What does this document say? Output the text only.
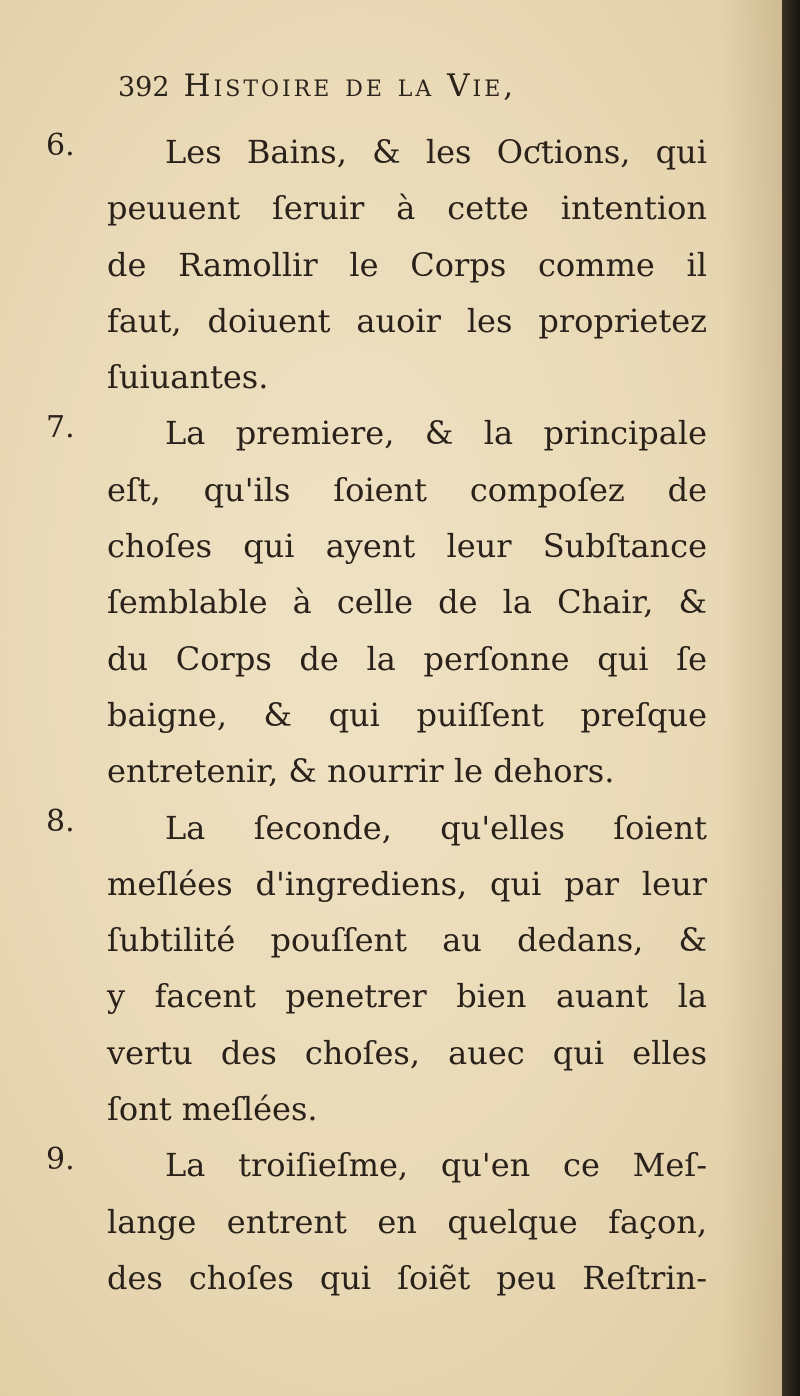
392 Histoire de la Vie,
6.
7.
8.
9.
Les Bains, & les Oƈtions, qui
peuuent ſeruir à cette intention
de Ramollir le Corps comme il
faut, doiuent auoir les proprietez
ſuiuantes.
La premiere, & la principale
eſt, qu'ils ſoient compoſez de
choſes qui ayent leur Subſtance
ſemblable à celle de la Chair, &
du Corps de la perſonne qui ſe
baigne, & qui puiſſent preſque
entretenir, & nourrir le dehors.
La ſeconde, qu'elles ſoient
meſlées d'ingrediens, qui par leur
ſubtilité pouſſent au dedans, &
y facent penetrer bien auant la
vertu des choſes, auec qui elles
ſont meſlées.
La troiſieſme, qu'en ce Meſ-
lange entrent en quelque façon,
des choſes qui ſoiẽt peu Reſtrin-
